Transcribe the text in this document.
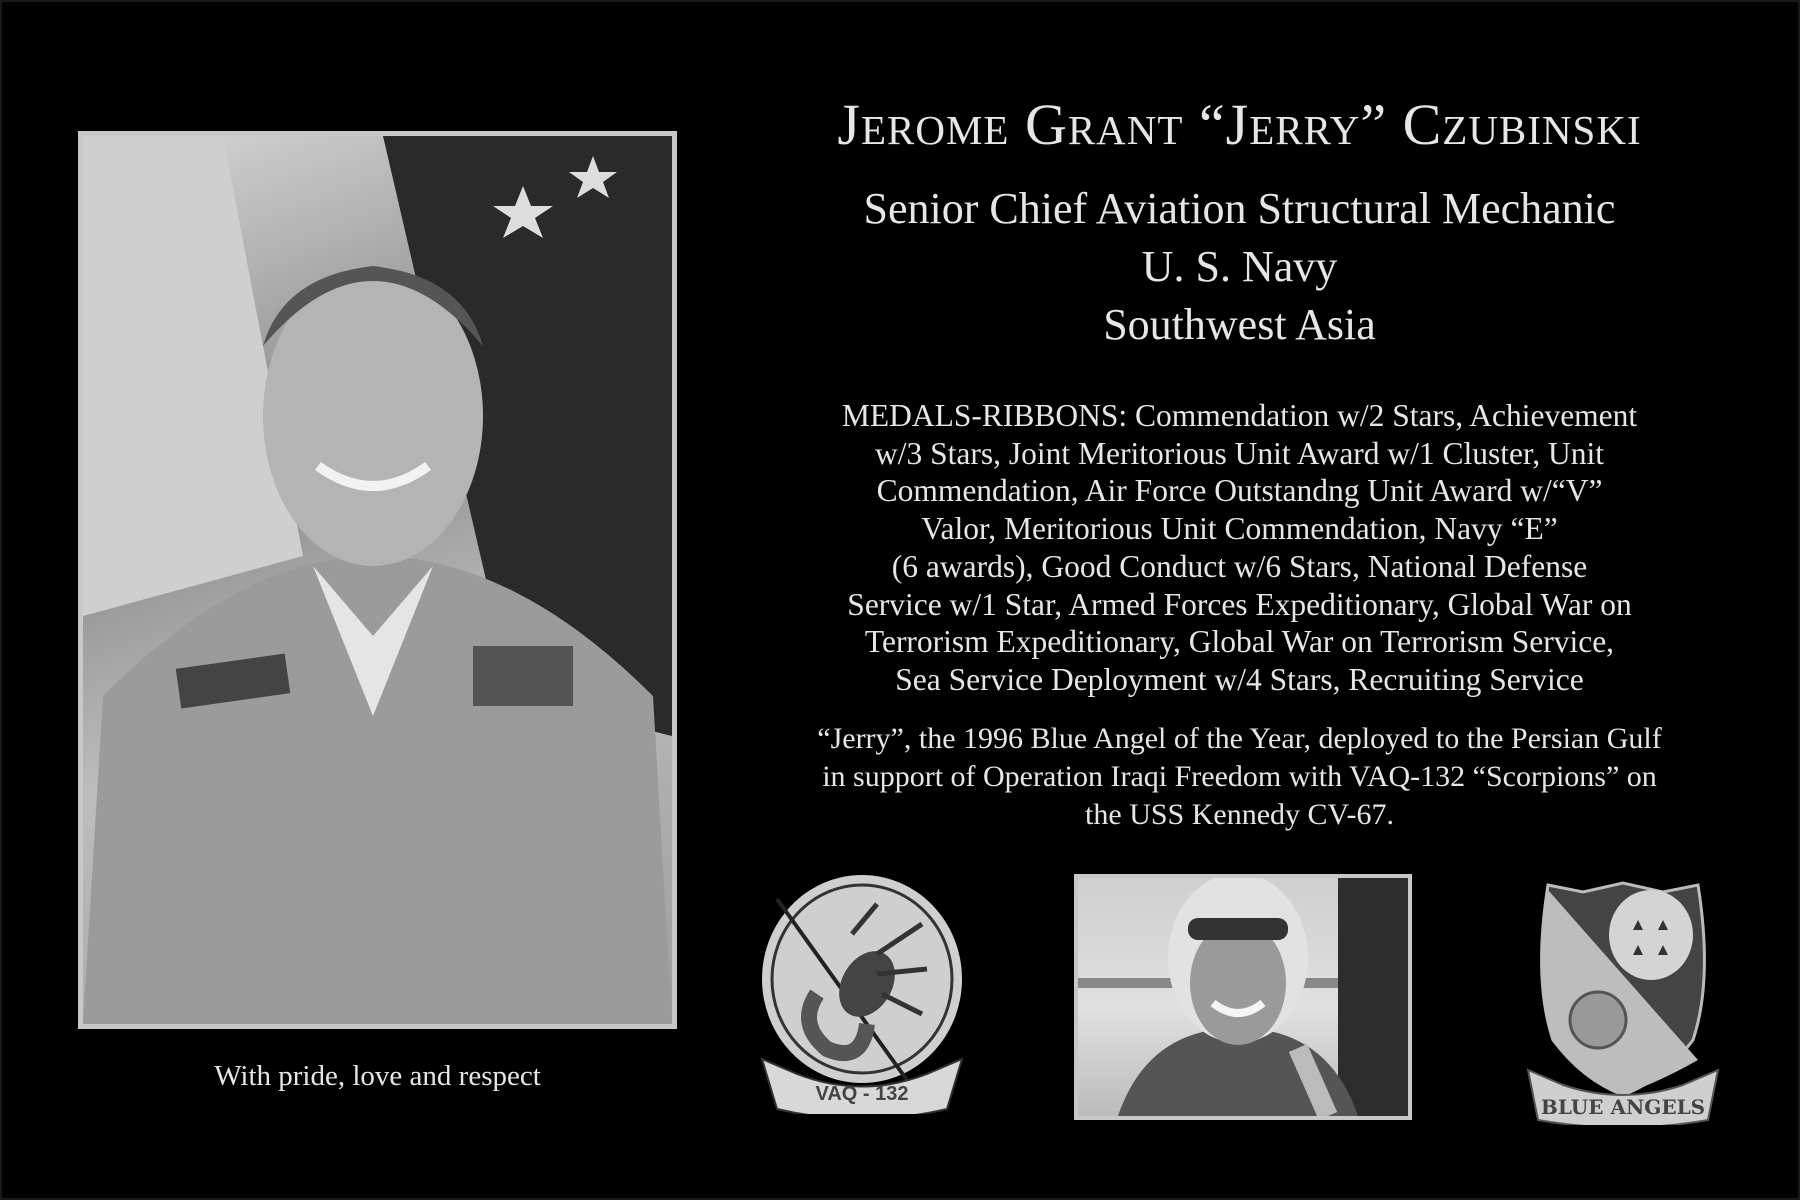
With pride, love and respect
Jerome Grant “Jerry” Czubinski
Senior Chief Aviation Structural Mechanic
U. S. Navy
Southwest Asia
MEDALS-RIBBONS: Commendation w/2 Stars, Achievement
w/3 Stars, Joint Meritorious Unit Award w/1 Cluster, Unit
Commendation, Air Force Outstandng Unit Award w/“V”
Valor, Meritorious Unit Commendation, Navy “E”
(6 awards), Good Conduct w/6 Stars, National Defense
Service w/1 Star, Armed Forces Expeditionary, Global War on
Terrorism Expeditionary, Global War on Terrorism Service,
Sea Service Deployment w/4 Stars, Recruiting Service
“Jerry”, the 1996 Blue Angel of the Year, deployed to the Persian Gulf
in support of Operation Iraqi Freedom with VAQ-132 “Scorpions” on
the USS Kennedy CV-67.
VAQ - 132
BLUE ANGELS
